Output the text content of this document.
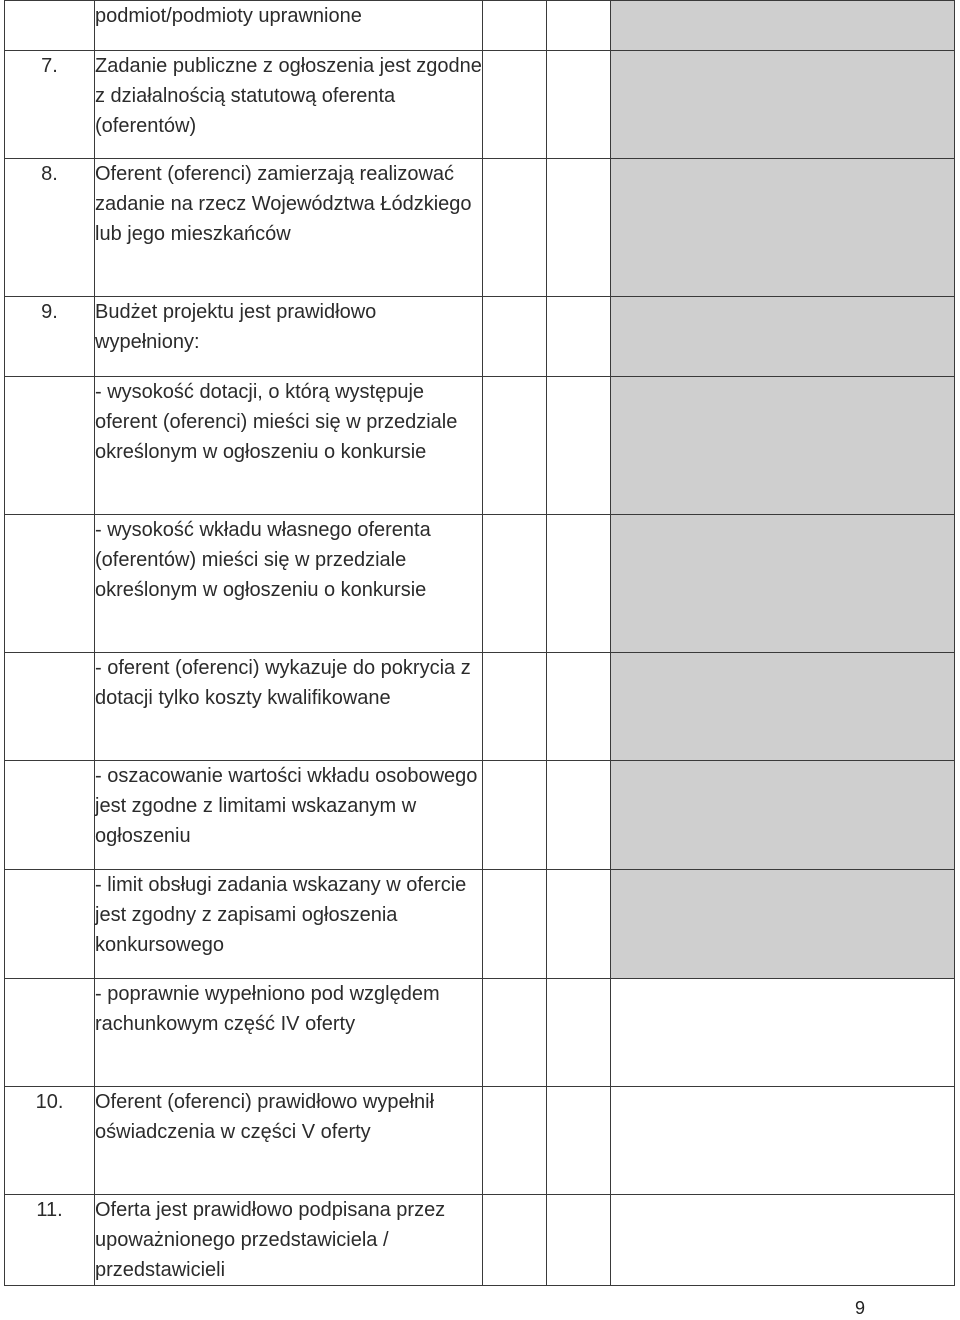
	podmiot/podmioty uprawnione			
7.	Zadanie publiczne z ogłoszenia jest zgodne z działalnością statutową oferenta (oferentów)			
8.	Oferent (oferenci) zamierzają realizować zadanie na rzecz Województwa Łódzkiego lub jego mieszkańców			
9.	Budżet projektu jest prawidłowo wypełniony:			
	- wysokość dotacji, o którą występuje oferent (oferenci) mieści się w przedziale określonym w ogłoszeniu o konkursie			
	- wysokość wkładu własnego oferenta (oferentów) mieści się w przedziale określonym w ogłoszeniu o konkursie			
	- oferent (oferenci) wykazuje do pokrycia z dotacji tylko koszty kwalifikowane			
	- oszacowanie wartości wkładu osobowego jest zgodne z limitami wskazanym w ogłoszeniu			
	- limit obsługi zadania wskazany w ofercie jest zgodny z zapisami ogłoszenia konkursowego			
	- poprawnie wypełniono pod względem rachunkowym część IV oferty			
10.	Oferent (oferenci) prawidłowo wypełnił oświadczenia w części V oferty			
11.	Oferta jest prawidłowo podpisana przez upoważnionego przedstawiciela / przedstawicieli			
9
